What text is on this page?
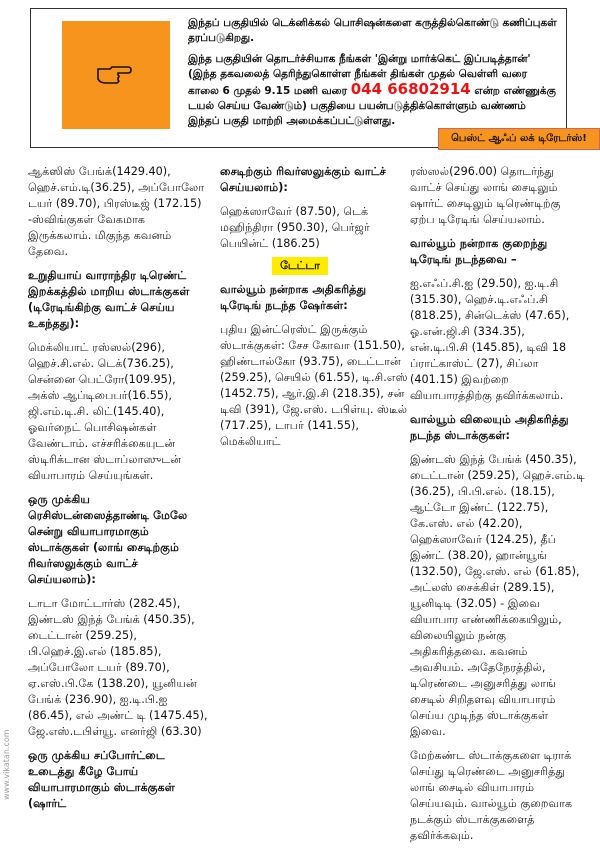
இந்தப் பகுதியில் டெக்னிக்கல் பொசிஷன்களை கருத்தில்கொண்டு கணிப்புகள் தரப்படுகிறது.

இந்த பகுதியின் தொடர்ச்சியாக நீங்கள் 'இன்று மார்க்கெட் இப்படித்தான்' (இந்த தகவலைத் தெரிந்துகொள்ள நீங்கள் திங்கள் முதல் வெள்ளி வரை காலை 6 முதல் 9.15 மணி வரை 044 66802914 என்ற எண்ணுக்கு டயல் செய்ய வேண்டும்) பகுதியை பயன்படுத்திக்கொள்ளும் வண்ணம் இந்தப் பகுதி மாற்றி அமைக்கப்பட்டுள்ளது.

பெஸ்ட் ஆஃப் லக் டிரேடர்ஸ்!

ஆக்ஸிஸ் பேங்க்(1429.40), ஹெச்.எம்.டி(36.25), அப்போலோ டயர் (89.70), பிரஸ்டீஜ் (172.15) -ஸ்விங்குகள் வேகமாக இருக்கலாம். மிகுந்த கவனம் தேவை.

உறுதியாய் வாராந்திர டிரெண்ட் இறக்கத்தில் மாறிய ஸ்டாக்குகள் (டிரேடிங்கிற்கு வாட்ச் செய்ய உகந்தது):

மெக்லியாட் ரஸ்ஸல்(296), ஹெச்.சி.எல். டெக்(736.25), சென்னை பெட்ரோ(109.95), அக்ஸ் ஆப்டிபைபர்(16.55), ஜி.எம்.டி.சி. லிட்(145.40), ஓவர்நைட் பொசிஷன்கள் வேண்டாம். எச்சரிக்கையுடன் ஸ்டிரிக்டான ஸ்டாப்லாஸுடன் வியாபாரம் செய்யுங்கள்.

ஒரு முக்கிய ரெசிஸ்டன்ஸைத்தாண்டி மேலே சென்று வியாபாரமாகும் ஸ்டாக்குகள் (லாங் சைடிற்கும் ரிவர்ஸலுக்கும் வாட்ச் செய்யலாம்):

டாடா மோட்டார்ஸ் (282.45), இண்டஸ் இந்த் பேங்க் (450.35), டைட்டான் (259.25), பி.ஹெச்.இ.எல் (185.85), அப்போலோ டயர் (89.70), ஏ.எஸ்.பி.கே (138.20), யூனியன் பேங்க் (236.90), ஐ.டி.பி.ஐ (86.45), எல் அண்ட் டி (1475.45), ஜே.எஸ்.டபிள்யூ. எனர்ஜி (63.30)

ஒரு முக்கிய சப்போர்ட்டை உடைத்து கீழே போய் வியாபாரமாகும் ஸ்டாக்குகள் (ஷார்ட்

சைடிற்கும் ரிவர்ஸலுக்கும் வாட்ச் செய்யலாம்):

ஹெக்ஸாவேர் (87.50), டெக் மஹிந்திரா (950.30), பெர்ஜர் பெயின்ட் (186.25)

வால்யூம் நன்றாக அதிகரித்து டிரேடிங் நடந்த ஷேர்கள்:

புதிய இன்ட்ரெஸ்ட் இருக்கும் ஸ்டாக்குகள்: சேச கோவா (151.50), ஹிண்டால்கோ (93.75), டைட்டான் (259.25), செயில் (61.55), டி.சி.எஸ் (1452.75), ஆர்.இ.சி (218.35), சன் டிவி (391), ஜே.எஸ். டபிள்யு. ஸ்டீல் (717.25), டாபர் (141.55), மெக்லியாட்

டேட்டா

ரஸ்ஸல்(296.00) தொடர்ந்து வாட்ச் செய்து லாங் சைடிலும் ஷார்ட் சைடிலும் டிரெண்டிற்கு ஏற்ப டிரேடிங் செய்யலாம்.

வால்யூம் நன்றாக குறைந்து டிரேடிங் நடந்தவை –

ஐ.எஃப்.சி.ஐ (29.50), ஐ.டி.சி (315.30), ஹெச்.டி.எஃப்.சி (818.25), சின்டெக்ஸ் (47.65), ஓ.என்.ஜி.சி (334.35), என்.டி.பி.சி (145.85), டிவி 18 ப்ராட்காஸ்ட் (27), சிப்லா (401.15) இவற்றை வியாபாரத்திற்கு தவிர்க்கலாம்.

வால்யூம் விலையும் அதிகரித்து நடந்த ஸ்டாக்குகள்:

இண்டஸ் இந்த் பேங்க் (450.35), டைட்டான் (259.25), ஹெச்.எம்.டி (36.25), பி.பி.எல். (18.15), ஆட்டோ இண்ட் (122.75), கே.எஸ். எல் (42.20), ஹெக்ஸாவேர் (124.25), தீப் இண்ட் (38.20), ஹான்யூங் (132.50), ஜே.எஸ். எல் (61.85), அட்லஸ் சைக்கிள் (289.15), யூனிடிடி (32.05) - இவை வியாபார எண்ணிக்கையிலும், விலையிலும் நன்கு அதிகரித்தவை. கவனம் அவசியம். அதேநேரத்தில், டிரெண்டை அனுசரித்து லாங் சைடில் சிறிதளவு வியாபாரம் செய்ய முடிந்த ஸ்டாக்குகள் இவை.

மேற்கண்ட ஸ்டாக்குகளை டிராக் செய்து டிரெண்டை அனுசரித்து லாங் சைடில் வியாபாரம் செய்யவும். வால்யூம் குறைவாக நடக்கும் ஸ்டாக்குகளைத் தவிர்க்கவும்.

www.vikatan.com
